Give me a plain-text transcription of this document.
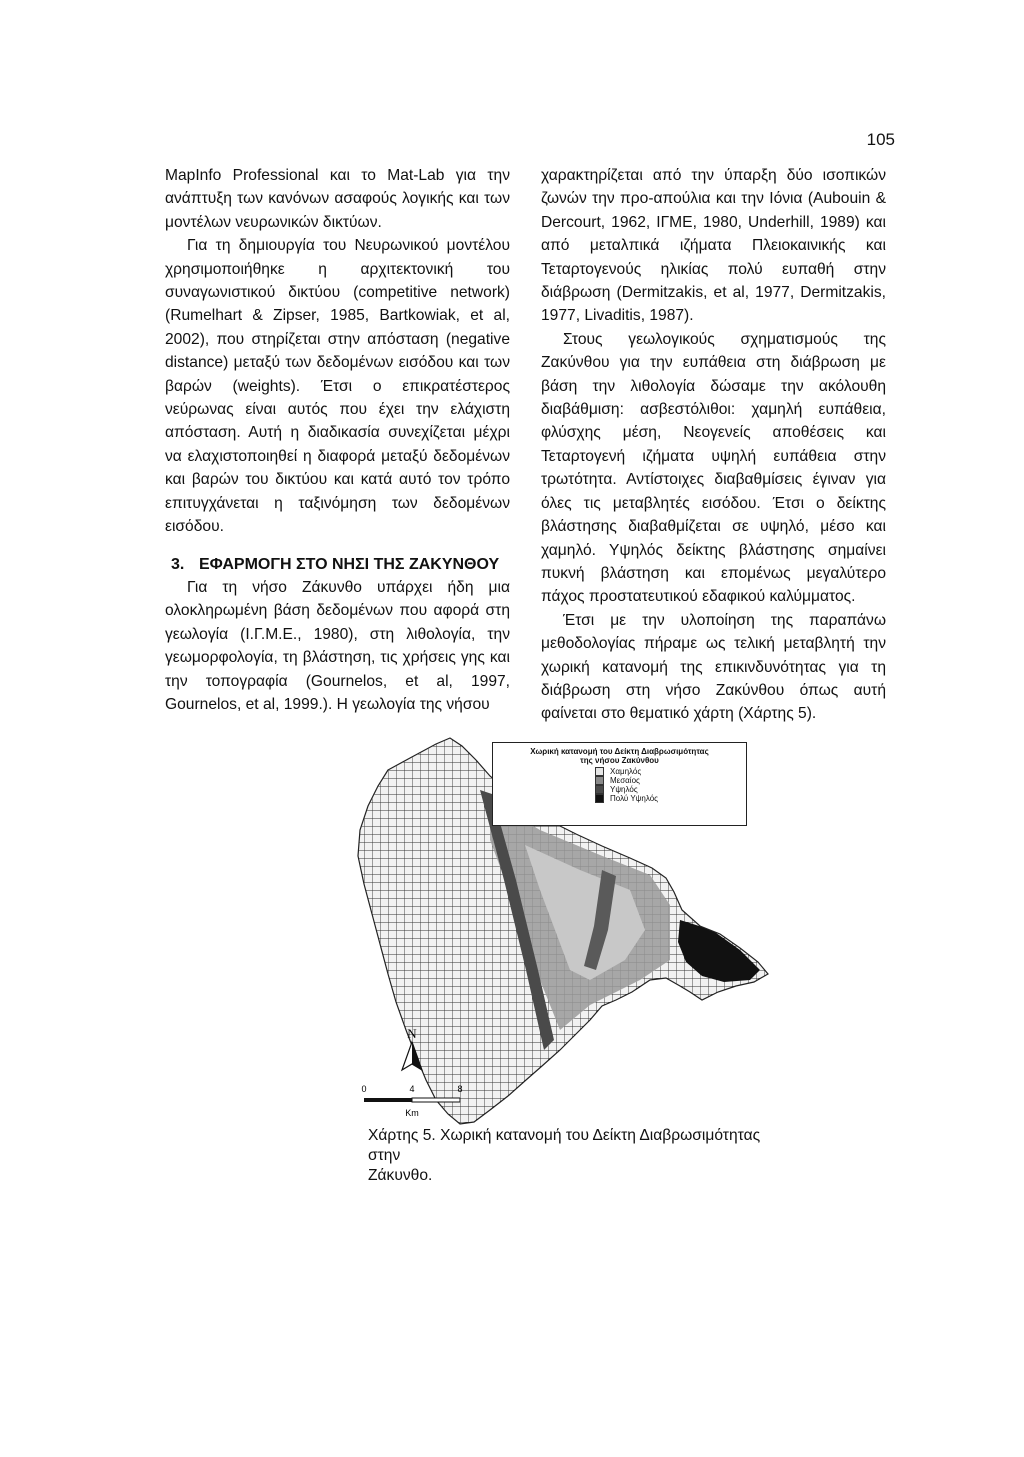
105

MapInfo Professional και το Mat-Lab για την ανάπτυξη των κανόνων ασαφούς λογικής και των μοντέλων νευρωνικών δικτύων.

Για τη δημιουργία του Νευρωνικού μοντέλου χρησιμοποιήθηκε η αρχιτεκτονική του συναγωνιστικού δικτύου (competitive network) (Rumelhart & Zipser, 1985, Bartkowiak, et al, 2002), που στηρίζεται στην απόσταση (negative distance) μεταξύ των δεδομένων εισόδου και των βαρών (weights). Έτσι ο επικρατέστερος νεύρωνας είναι αυτός που έχει την ελάχιστη απόσταση. Αυτή η διαδικασία συνεχίζεται μέχρι να ελαχιστοποιηθεί η διαφορά μεταξύ δεδομένων και βαρών του δικτύου και κατά αυτό τον τρόπο επιτυγχάνεται η ταξινόμηση των δεδομένων εισόδου.

3. ΕΦΑΡΜΟΓΗ ΣΤΟ ΝΗΣΙ ΤΗΣ ΖΑΚΥΝΘΟΥ

Για τη νήσο Ζάκυνθο υπάρχει ήδη μια ολοκληρωμένη βάση δεδομένων που αφορά στη γεωλογία (Ι.Γ.Μ.Ε., 1980), στη λιθολογία, την γεωμορφολογία, τη βλάστηση, τις χρήσεις γης και την τοπογραφία (Gournelos, et al, 1997, Gournelos, et al, 1999.). Η γεωλογία της νήσου

χαρακτηρίζεται από την ύπαρξη δύο ισοπικών ζωνών την προ-απούλια και την Ιόνια (Aubouin & Dercourt, 1962, ΙΓΜΕ, 1980, Underhill, 1989) και από μεταλπικά ιζήματα Πλειοκαινικής και Τεταρτογενούς ηλικίας πολύ ευπαθή στην διάβρωση (Dermitzakis, et al, 1977, Dermitzakis, 1977, Livaditis, 1987).

Στους γεωλογικούς σχηματισμούς της Ζακύνθου για την ευπάθεια στη διάβρωση με βάση την λιθολογία δώσαμε την ακόλουθη διαβάθμιση: ασβεστόλιθοι: χαμηλή ευπάθεια, φλύσχης μέση, Νεογενείς αποθέσεις και Τεταρτογενή ιζήματα υψηλή ευπάθεια στην τρωτότητα. Αντίστοιχες διαβαθμίσεις έγιναν για όλες τις μεταβλητές εισόδου. Έτσι ο δείκτης βλάστησης διαβαθμίζεται σε υψηλό, μέσο και χαμηλό. Υψηλός δείκτης βλάστησης σημαίνει πυκνή βλάστηση και επομένως μεγαλύτερο πάχος προστατευτικού εδαφικού καλύμματος.

Έτσι με την υλοποίηση της παραπάνω μεθοδολογίας πήραμε ως τελική μεταβλητή την χωρική κατανομή της επικινδυνότητας για τη διάβρωση στη νήσο Ζακύνθου όπως αυτή φαίνεται στο θεματικό χάρτη (Χάρτης 5).

N
0	4	8
Km
Χωρική κατανομή του Δείκτη Διαβρωσιμότητας
της νήσου Ζακύνθου
Χαμηλός
Μεσαίος
Υψηλός
Πολύ Υψηλός
Χάρτης 5. Χωρική κατανομή του Δείκτη Διαβρωσιμότητας στην
Ζάκυνθο.
